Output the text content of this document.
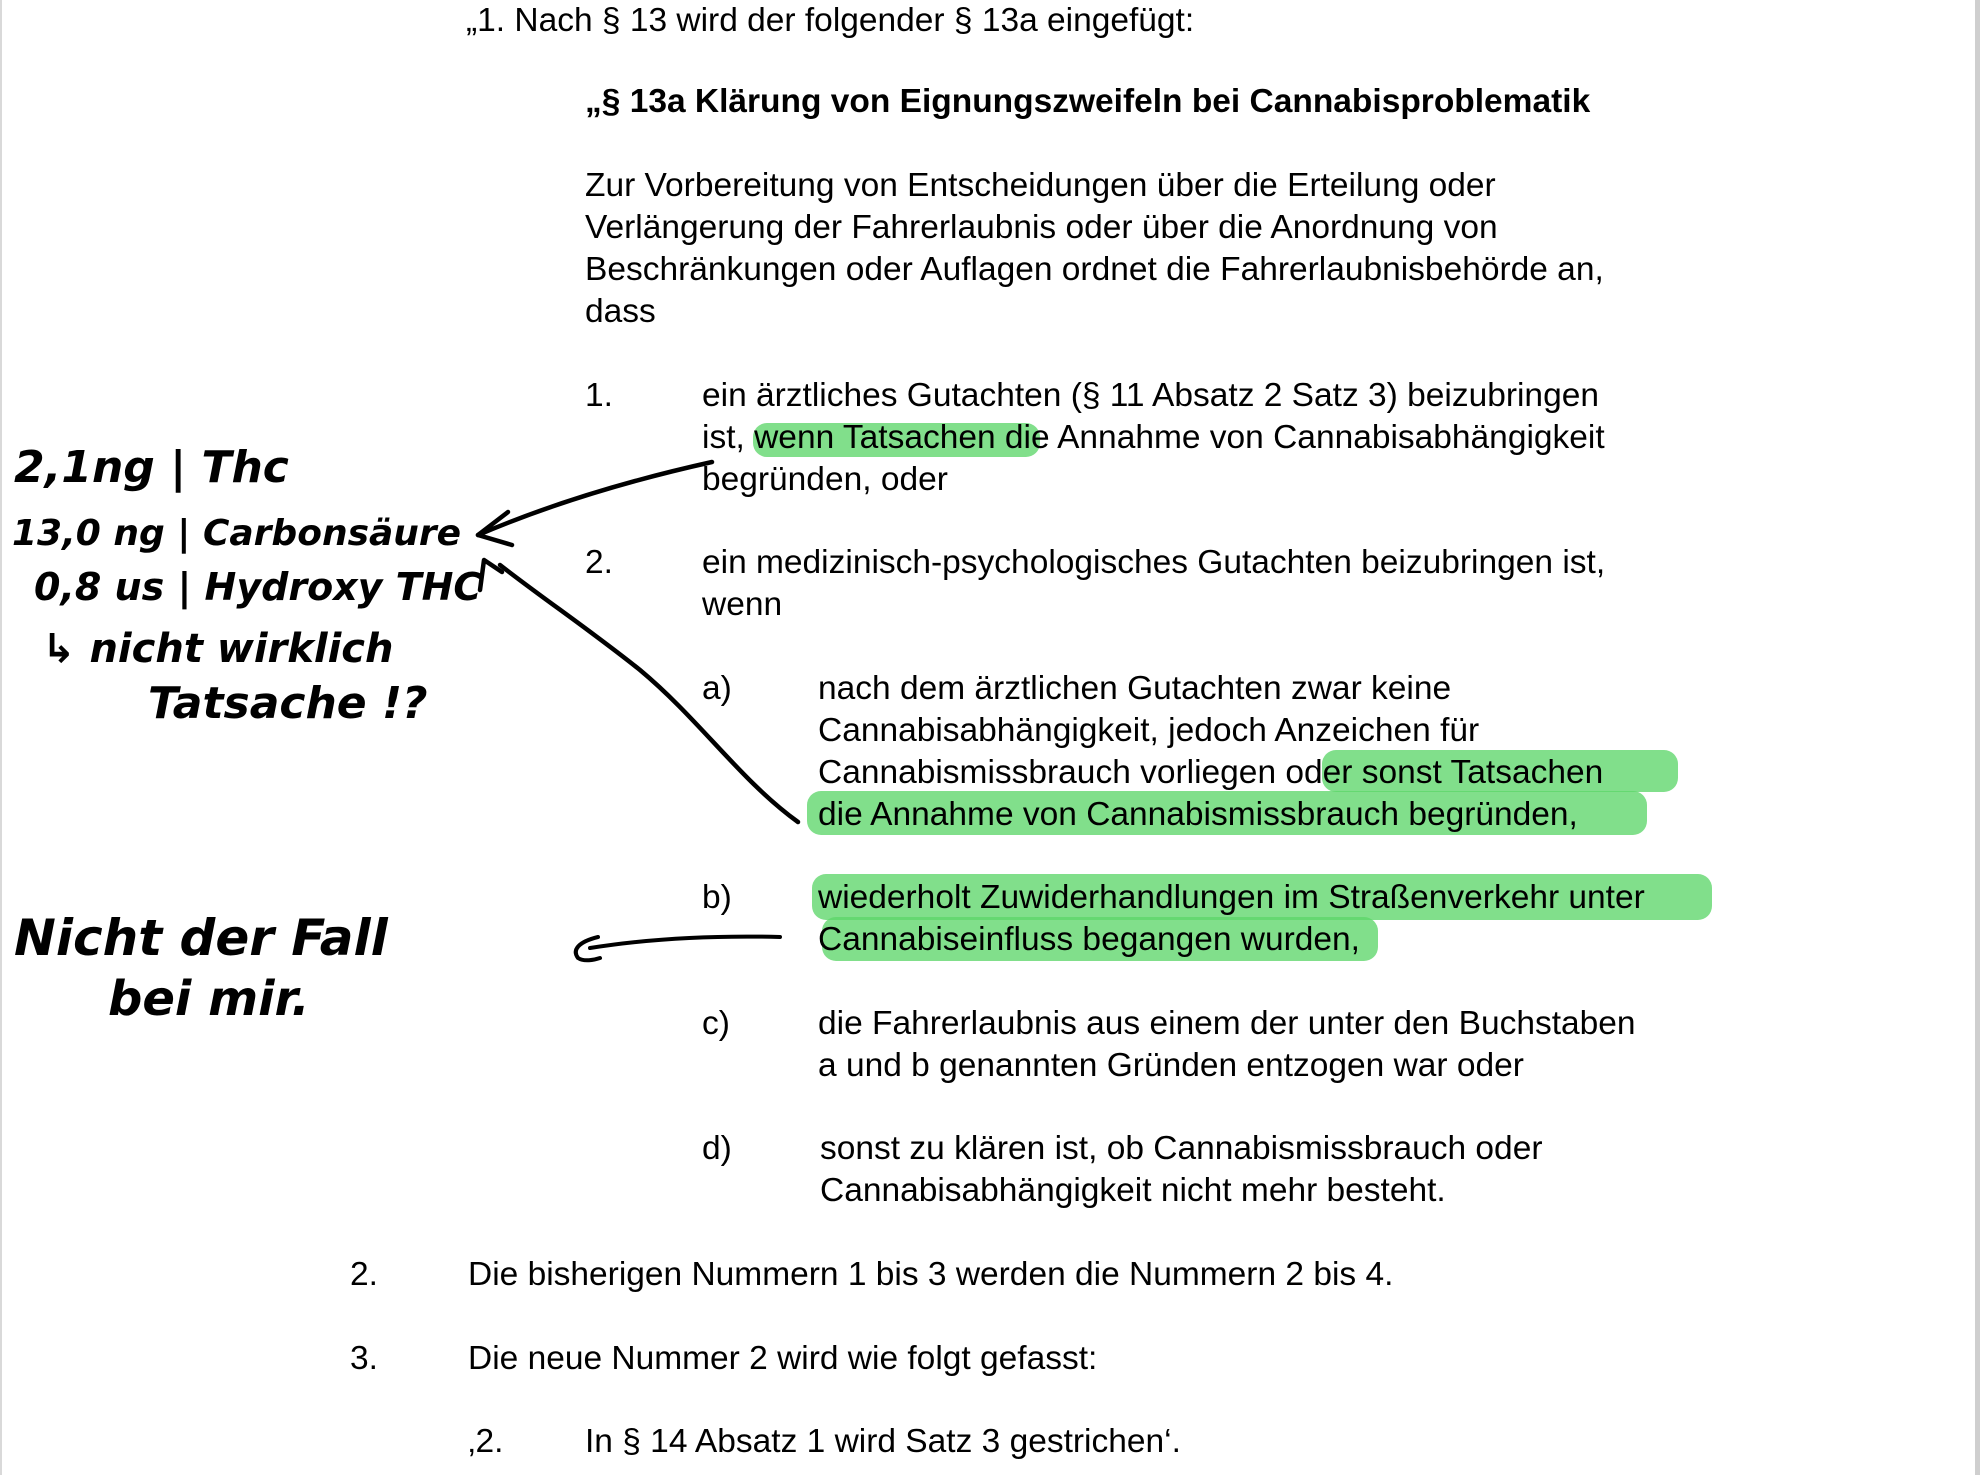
„1. Nach § 13 wird der folgender § 13a eingefügt:
„§ 13a Klärung von Eignungszweifeln bei Cannabisproblematik
Zur Vorbereitung von Entscheidungen über die Erteilung oder
Verlängerung der Fahrerlaubnis oder über die Anordnung von
Beschränkungen oder Auflagen ordnet die Fahrerlaubnisbehörde an,
dass
1.	ein ärztliches Gutachten (§ 11 Absatz 2 Satz 3) beizubringen
ist, wenn Tatsachen die Annahme von Cannabisabhängigkeit
begründen, oder
2.	ein medizinisch-psychologisches Gutachten beizubringen ist,
wenn
a)	nach dem ärztlichen Gutachten zwar keine
Cannabisabhängigkeit, jedoch Anzeichen für
Cannabismissbrauch vorliegen oder sonst Tatsachen
die Annahme von Cannabismissbrauch begründen,
b)	wiederholt Zuwiderhandlungen im Straßenverkehr unter
Cannabiseinfluss begangen wurden,
c)	die Fahrerlaubnis aus einem der unter den Buchstaben
a und b genannten Gründen entzogen war oder
d)	sonst zu klären ist, ob Cannabismissbrauch oder
Cannabisabhängigkeit nicht mehr besteht.
2.	Die bisherigen Nummern 1 bis 3 werden die Nummern 2 bis 4.
3.	Die neue Nummer 2 wird wie folgt gefasst:
‚2. In § 14 Absatz 1 wird Satz 3 gestrichen‘.
2,1ng | Thc
13,0 ng | Carbonsäure
0,8 us | Hydroxy THC
↳ nicht wirklich
Tatsache !?
Nicht der Fall
bei mir.
